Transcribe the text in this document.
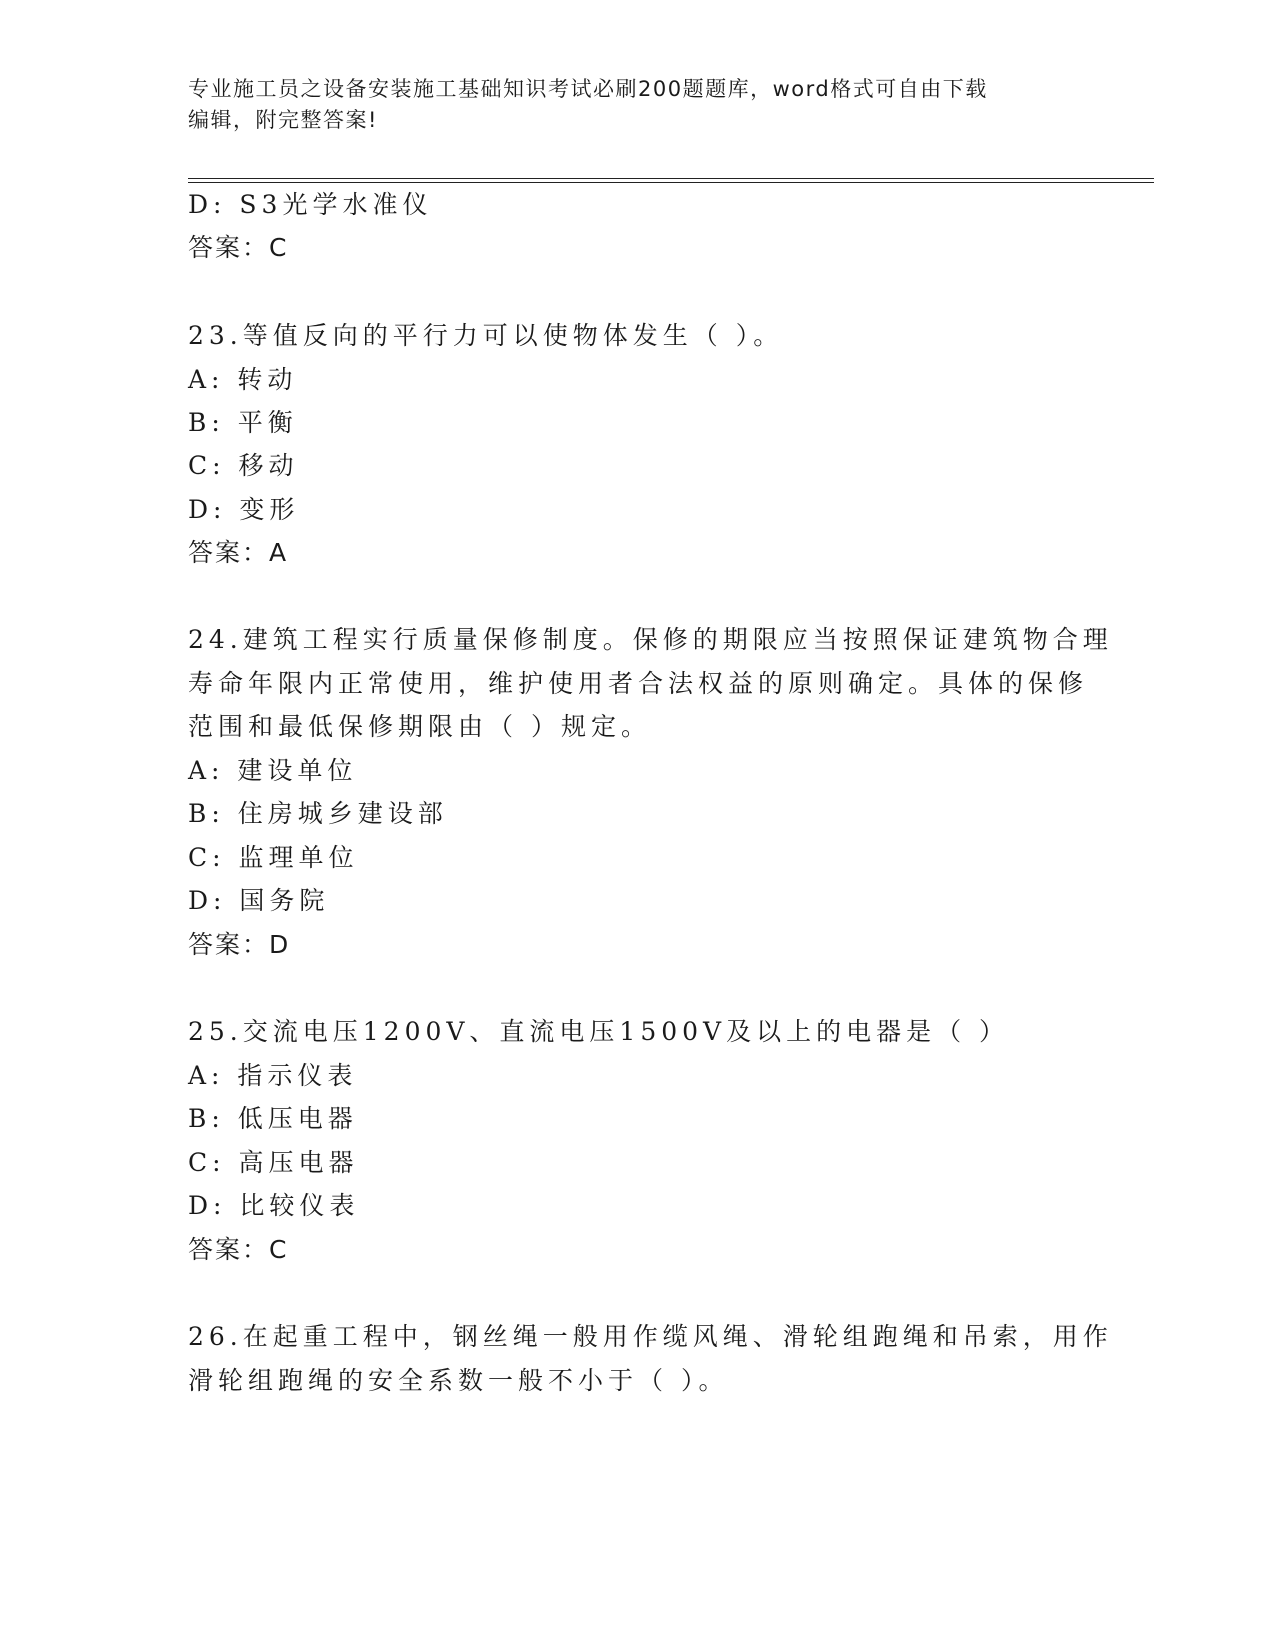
专业施工员之设备安装施工基础知识考试必刷200题题库，word格式可自由下载
编辑，附完整答案!
D: S3光学水准仪
答案：C
23.等值反向的平行力可以使物体发生（ ）。
A: 转动
B: 平衡
C: 移动
D: 变形
答案：A
24.建筑工程实行质量保修制度。保修的期限应当按照保证建筑物合理
寿命年限内正常使用，维护使用者合法权益的原则确定。具体的保修
范围和最低保修期限由（ ）规定。
A: 建设单位
B: 住房城乡建设部
C: 监理单位
D: 国务院
答案：D
25.交流电压1200V、直流电压1500V及以上的电器是（ ）
A: 指示仪表
B: 低压电器
C: 高压电器
D: 比较仪表
答案：C
26.在起重工程中，钢丝绳一般用作缆风绳、滑轮组跑绳和吊索，用作
滑轮组跑绳的安全系数一般不小于（ ）。
